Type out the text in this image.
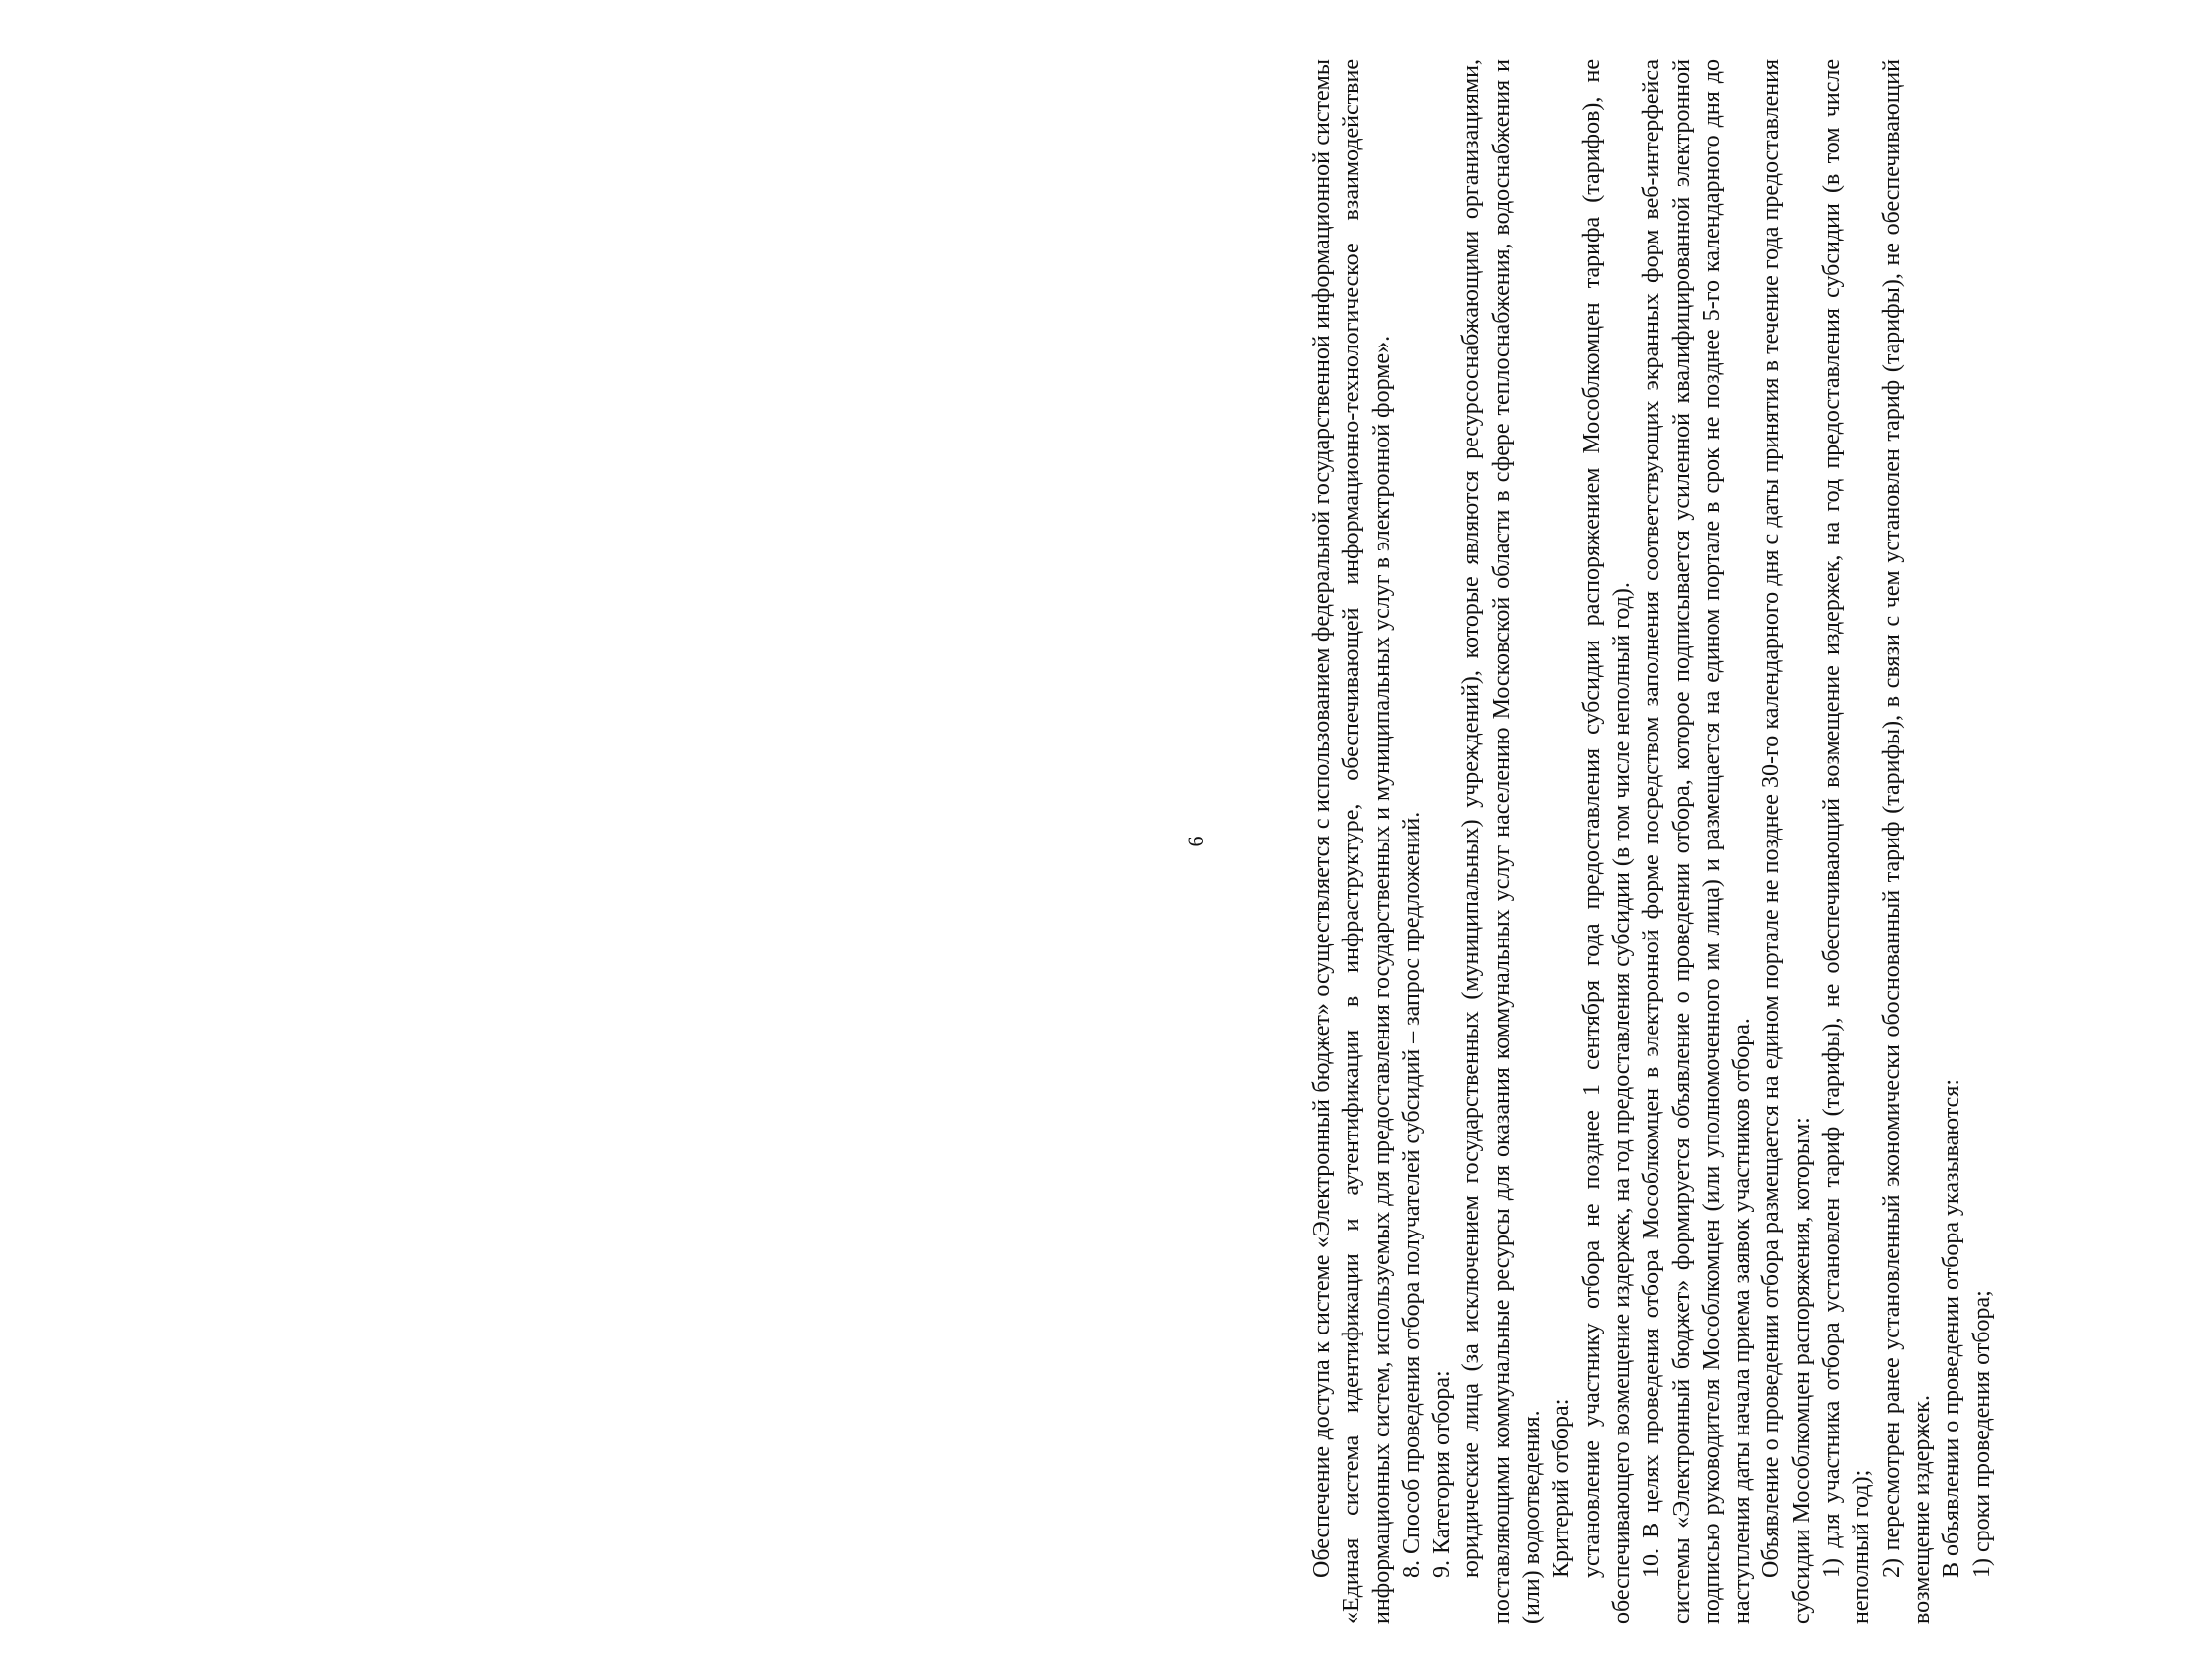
6	Обеспечение доступа к системе «Электронный бюджет» осуществляется с использованием федеральной государственной информационной системы «Единая система идентификации и аутентификации в инфраструктуре, обеспечивающей информационно-технологическое взаимодействие информационных систем, используемых для предоставления государственных и муниципальных услуг в электронной форме». 8. Способ проведения отбора получателей субсидий – запрос предложений. 9. Категория отбора: юридические лица (за исключением государственных (муниципальных) учреждений), которые являются ресурсоснабжающими организациями, поставляющими коммунальные ресурсы для оказания коммунальных услуг населению Московской области в сфере теплоснабжения, водоснабжения и (или) водоотведения. Критерий отбора: установление участнику отбора не позднее 1 сентября года предоставления субсидии распоряжением Мособлкомцен тарифа (тарифов), не обеспечивающего возмещение издержек, на год предоставления субсидии (в том числе неполный год). 10. В целях проведения отбора Мособлкомцен в электронной форме посредством заполнения соответствующих экранных форм веб-интерфейса системы «Электронный бюджет» формируется объявление о проведении отбора, которое подписывается усиленной квалифицированной электронной подписью руководителя Мособлкомцен (или уполномоченного им лица) и размещается на едином портале в срок не позднее 5-го календарного дня до наступления даты начала приема заявок участников отбора. Объявление о проведении отбора размещается на едином портале не позднее 30-го календарного дня с даты принятия в течение года предоставления субсидии Мособлкомцен распоряжения, которым: 1) для участника отбора установлен тариф (тарифы), не обеспечивающий возмещение издержек, на год предоставления субсидии (в том числе неполный год); 2) пересмотрен ранее установленный экономически обоснованный тариф (тарифы), в связи с чем установлен тариф (тарифы), не обеспечивающий возмещение издержек. В объявлении о проведении отбора указываются: 1) сроки проведения отбора;
